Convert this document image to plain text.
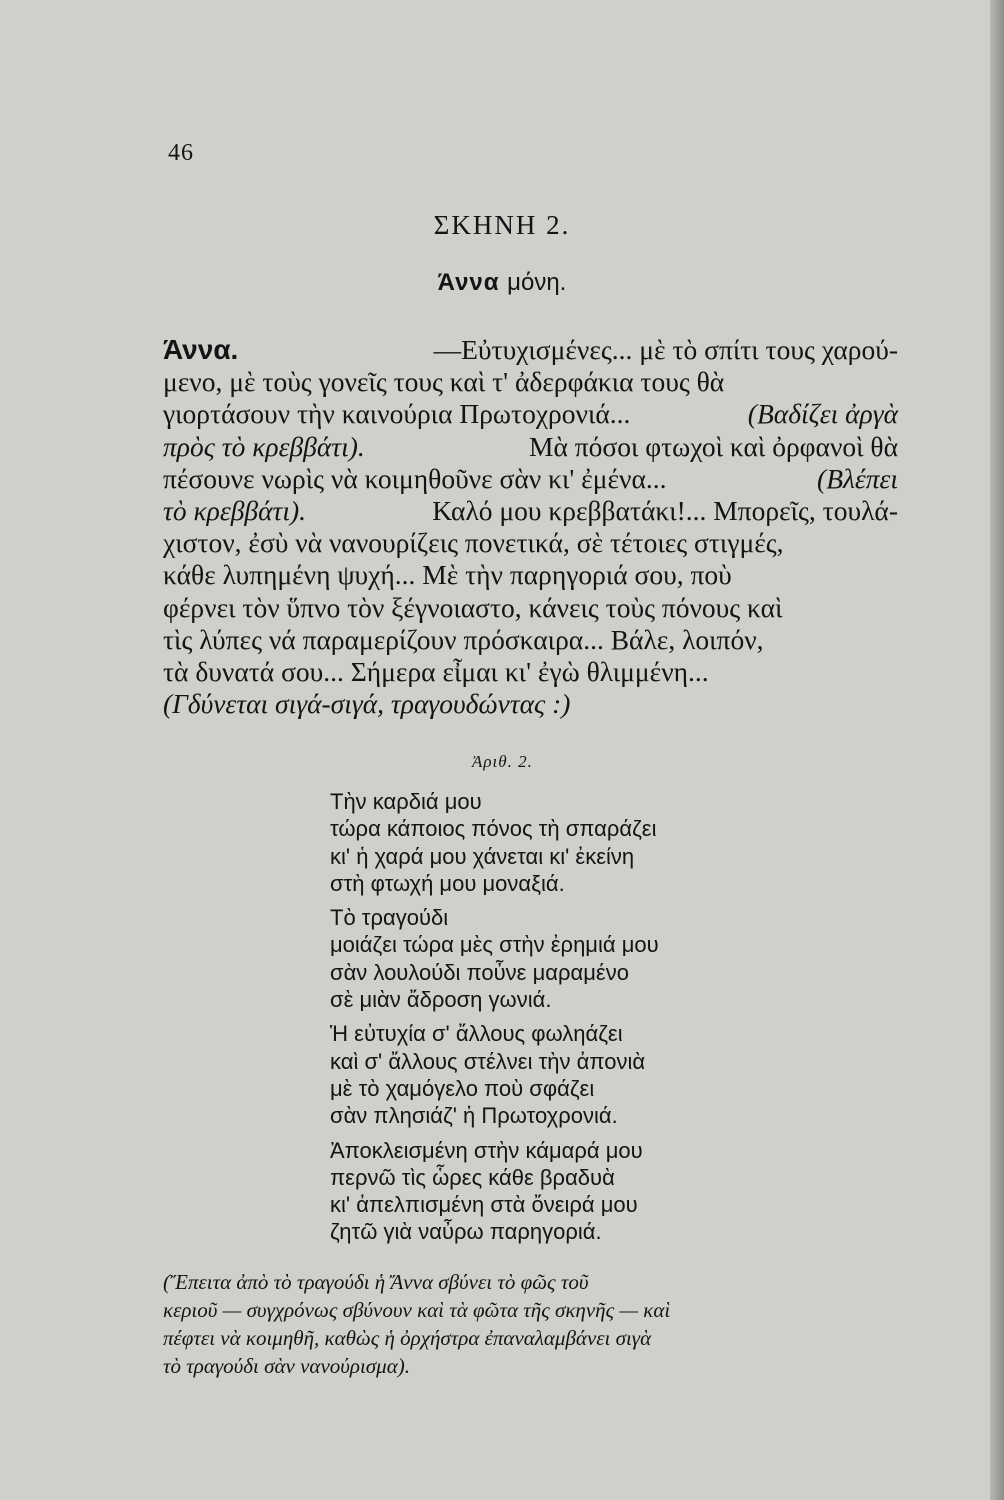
46
ΣΚΗΝΗ 2.
Άννα μόνη.
Άννα.	—Εὐτυχισμένες... μὲ τὸ σπίτι τους χαρού-
μενο, μὲ τοὺς γονεῖς τους καὶ τ' ἀδερφάκια τους θὰ
γιορτάσουν τὴν καινούρια Πρωτοχρονιά...	(Βαδίζει ἀργὰ
πρὸς τὸ κρεββάτι).	Μὰ πόσοι φτωχοὶ καὶ ὀρφανοὶ θὰ
πέσουνε νωρὶς νὰ κοιμηθοῦνε σὰν κι' ἐμένα...	(Βλέπει
τὸ κρεββάτι).	Καλό μου κρεββατάκι!... Μπορεῖς, τουλά-
χιστον, ἐσὺ νὰ νανουρίζεις πονετικά, σὲ τέτοιες στιγμές,
κάθε λυπημένη ψυχή... Μὲ τὴν παρηγοριά σου, ποὺ
φέρνει τὸν ὕπνο τὸν ξέγνοιαστο, κάνεις τοὺς πόνους καὶ
τὶς λύπες νά παραμερίζουν πρόσκαιρα... Βάλε, λοιπόν,
τὰ δυνατά σου... Σήμερα εἶμαι κι' ἐγὼ θλιμμένη...
(Γδύνεται σιγά-σιγά, τραγουδώντας :)
Ἀριθ. 2.
Τὴν καρδιά μου
τώρα κάποιος πόνος τὴ σπαράζει
κι' ἡ χαρά μου χάνεται κι' ἐκείνη
στὴ φτωχή μου μοναξιά.
Τὸ τραγούδι
μοιάζει τώρα μὲς στὴν ἐρημιά μου
σὰν λουλούδι ποὖνε μαραμένο
σὲ μιὰν ἄδροση γωνιά.
Ἡ εὐτυχία σ' ἄλλους φωληάζει
καὶ σ' ἄλλους στέλνει τὴν ἀπονιὰ
μὲ τὸ χαμόγελο ποὺ σφάζει
σὰν πλησιάζ' ἡ Πρωτοχρονιά.
Ἀποκλεισμένη στὴν κάμαρά μου
περνῶ τὶς ὧρες κάθε βραδυὰ
κι' ἀπελπισμένη στὰ ὄνειρά μου
ζητῶ γιὰ ναὖρω παρηγοριά.
(Ἔπειτα ἀπὸ τὸ τραγούδι ἡ Ἄννα σβύνει τὸ φῶς τοῦ
κεριοῦ — συγχρόνως σβύνουν καὶ τὰ φῶτα τῆς σκηνῆς — καὶ
πέφτει νὰ κοιμηθῆ, καθὼς ἡ ὀρχήστρα ἐπαναλαμβάνει σιγὰ
τὸ τραγούδι σὰν νανούρισμα).
